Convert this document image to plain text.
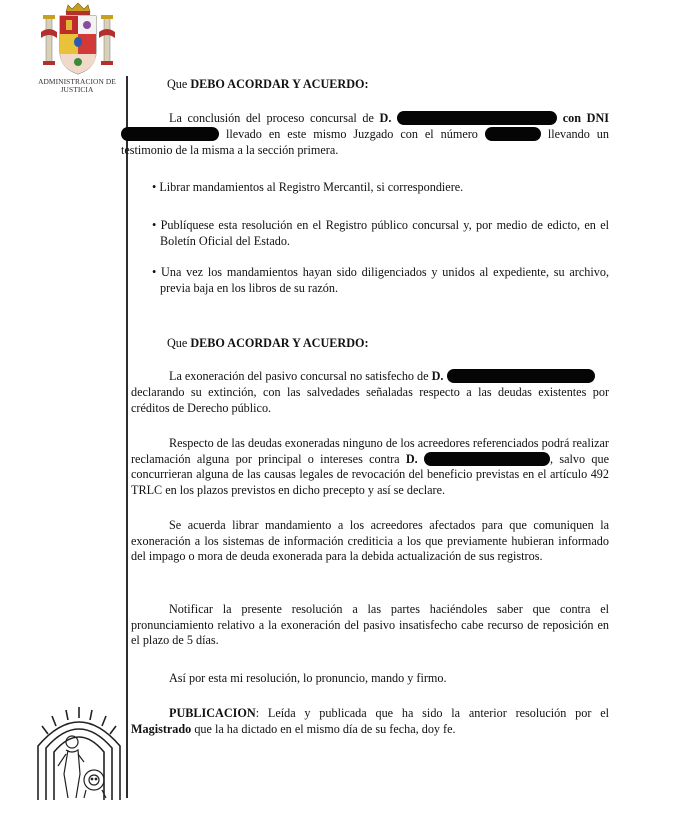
ADMINISTRACION DE JUSTICIA	Que DEBO ACORDAR Y ACUERDO:

La conclusión del proceso concursal de D.	con DNI

llevado en este mismo Juzgado con el número	llevando un

testimonio de la misma a la sección primera.

• Librar mandamientos al Registro Mercantil, si correspondiere.
• Publíquese esta resolución en el Registro público concursal y, por medio de edicto, en el Boletín Oficial del Estado.
• Una vez los mandamientos hayan sido diligenciados y unidos al expediente, su archivo, previa baja en los libros de su razón.
Que DEBO ACORDAR Y ACUERDO:

La exoneración del pasivo concursal no satisfecho de D.

declarando su extinción, con las salvedades señaladas respecto a las deudas existentes por créditos de Derecho público.

Respecto de las deudas exoneradas ninguno de los acreedores referenciados podrá realizar reclamación alguna por principal o intereses contra D.	, salvo que concurrieran alguna de las causas legales de revocación del beneficio previstas en el artículo 492 TRLC en los plazos previstos en dicho precepto y así se declare.

Se acuerda librar mandamiento a los acreedores afectados para que comuniquen la exoneración a los sistemas de información crediticia a los que previamente hubieran informado del impago o mora de deuda exonerada para la debida actualización de sus registros.

Notificar la presente resolución a las partes haciéndoles saber que contra el pronunciamiento relativo a la exoneración del pasivo insatisfecho cabe recurso de reposición en el plazo de 5 días.

Así por esta mi resolución, lo pronuncio, mando y firmo.

PUBLICACION: Leída y publicada que ha sido la anterior resolución por el Magistrado que la ha dictado en el mismo día de su fecha, doy fe.
